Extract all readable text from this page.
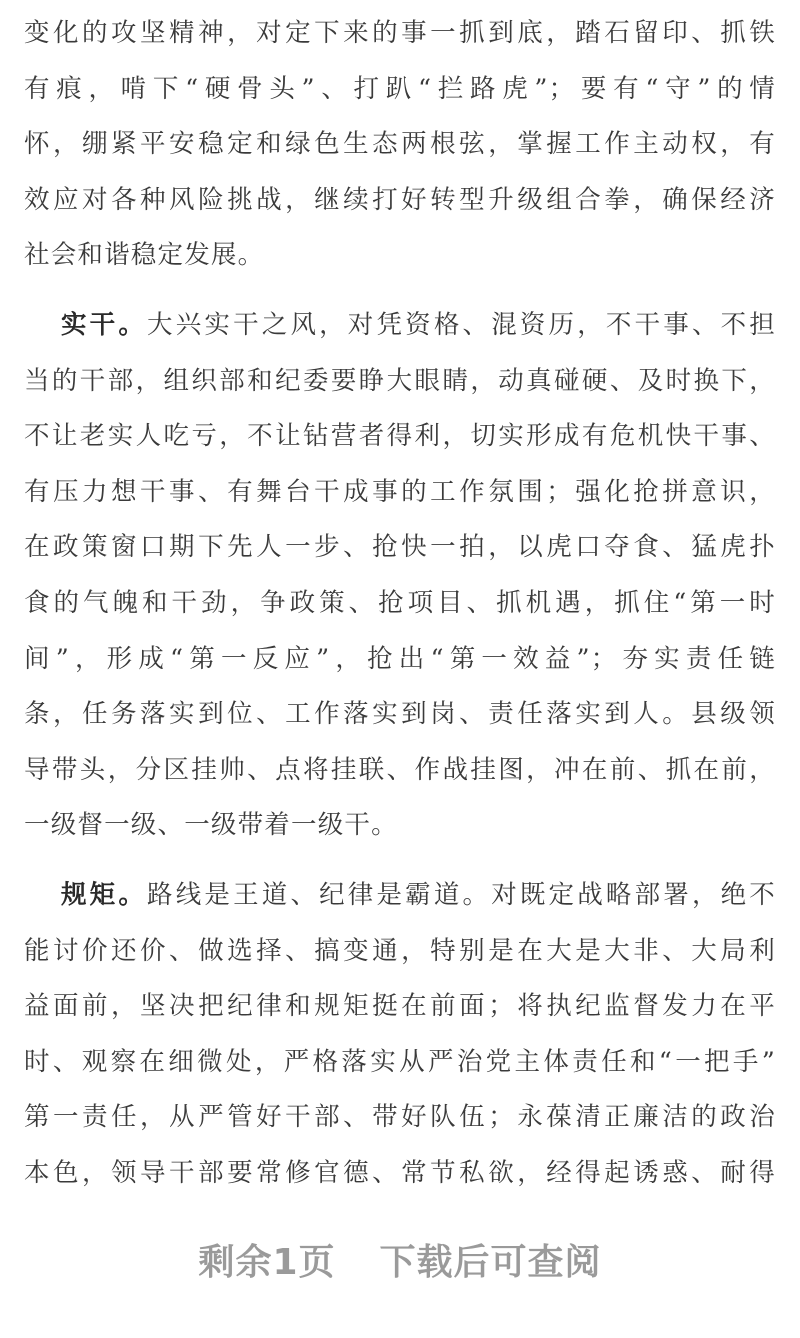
变化的攻坚精神，对定下来的事一抓到底，踏石留印、抓铁
有痕，啃下“硬骨头”、打趴“拦路虎”；要有“守”的情
怀，绷紧平安稳定和绿色生态两根弦，掌握工作主动权，有
效应对各种风险挑战，继续打好转型升级组合拳，确保经济
社会和谐稳定发展。
实干。大兴实干之风，对凭资格、混资历，不干事、不担
当的干部，组织部和纪委要睁大眼睛，动真碰硬、及时换下，
不让老实人吃亏，不让钻营者得利，切实形成有危机快干事、
有压力想干事、有舞台干成事的工作氛围；强化抢拼意识，
在政策窗口期下先人一步、抢快一拍，以虎口夺食、猛虎扑
食的气魄和干劲，争政策、抢项目、抓机遇，抓住“第一时
间”，形成“第一反应”，抢出“第一效益”；夯实责任链
条，任务落实到位、工作落实到岗、责任落实到人。县级领
导带头，分区挂帅、点将挂联、作战挂图，冲在前、抓在前，
一级督一级、一级带着一级干。
规矩。路线是王道、纪律是霸道。对既定战略部署，绝不
能讨价还价、做选择、搞变通，特别是在大是大非、大局利
益面前，坚决把纪律和规矩挺在前面；将执纪监督发力在平
时、观察在细微处，严格落实从严治党主体责任和“一把手”
第一责任，从严管好干部、带好队伍；永葆清正廉洁的政治
本色，领导干部要常修官德、常节私欲，经得起诱惑、耐得
剩余1页 下载后可查阅
